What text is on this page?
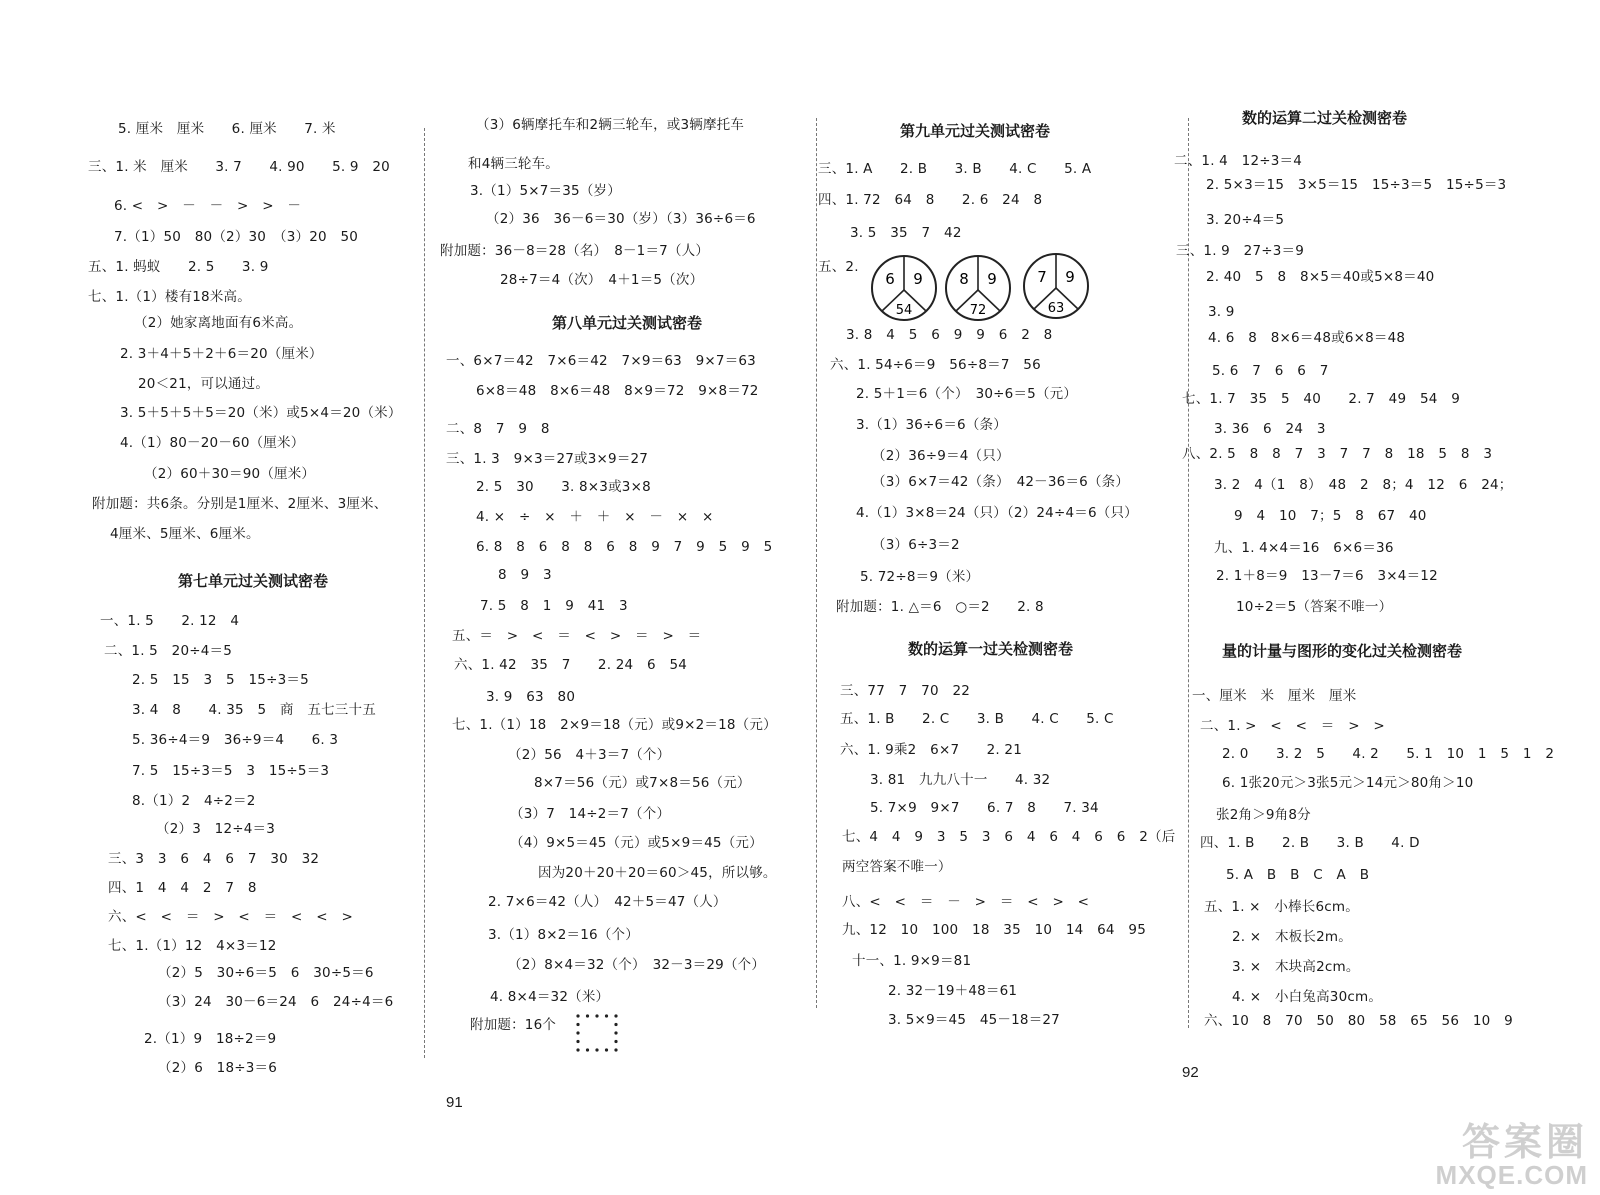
5. 厘米　厘米　　6. 厘米　　7. 米
三、1. 米　厘米　　3. 7　　4. 90　　5. 9　20
6. <　>　－　－　>　>　－
7.（1）50　80（2）30　（3）20　50
五、1. 蚂蚁　　2. 5　　3. 9
七、1.（1）楼有18米高。
（2）她家离地面有6米高。
2. 3＋4＋5＋2＋6＝20（厘米）
20＜21，可以通过。
3. 5＋5＋5＋5＝20（米）或5×4＝20（米）
4.（1）80－20－60（厘米）
（2）60＋30＝90（厘米）
附加题：共6条。分别是1厘米、2厘米、3厘米、
4厘米、5厘米、6厘米。
第七单元过关测试密卷
一、1. 5　　2. 12　4
二、1. 5　20÷4＝5
2. 5　15　3　5　15÷3＝5
3. 4　8　　4. 35　5　商　五七三十五
5. 36÷4＝9　36÷9＝4　　6. 3
7. 5　15÷3＝5　3　15÷5＝3
8.（1）2　4÷2＝2
（2）3　12÷4＝3
三、3　3　6　4　6　7　30　32
四、1　4　4　2　7　8
六、<　<　＝　>　<　＝　<　<　>
七、1.（1）12　4×3＝12
（2）5　30÷6＝5　6　30÷5＝6
（3）24　30－6＝24　6　24÷4＝6
2.（1）9　18÷2＝9
（2）6　18÷3＝6
（3）6辆摩托车和2辆三轮车，或3辆摩托车
和4辆三轮车。
3.（1）5×7＝35（岁）
（2）36　36－6＝30（岁）（3）36÷6＝6
附加题：36－8＝28（名）　8－1＝7（人）
28÷7＝4（次）　4＋1＝5（次）
第八单元过关测试密卷
一、6×7＝42　7×6＝42　7×9＝63　9×7＝63
6×8＝48　8×6＝48　8×9＝72　9×8＝72
二、8　7　9　8
三、1. 3　9×3＝27或3×9＝27
2. 5　30　　3. 8×3或3×8
4. ×　÷　×　＋　＋　×　－　×　×
6. 8　8　6　8　8　6　8　9　7　9　5　9　5
8　9　3
7. 5　8　1　9　41　3
五、＝　>　<　＝　<　>　＝　>　＝
六、1. 42　35　7　　2. 24　6　54
3. 9　63　80
七、1.（1）18　2×9＝18（元）或9×2＝18（元）
（2）56　4＋3＝7（个）
8×7＝56（元）或7×8＝56（元）
（3）7　14÷2＝7（个）
（4）9×5＝45（元）或5×9＝45（元）
因为20＋20＋20＝60＞45，所以够。
2. 7×6＝42（人）　42＋5＝47（人）
3.（1）8×2＝16（个）
（2）8×4＝32（个）　32－3＝29（个）
4. 8×4＝32（米）
附加题：16个
第九单元过关测试密卷
三、1. A　　2. B　　3. B　　4. C　　5. A
四、1. 72　64　8　　2. 6　24　8
3. 5　35　7　42
五、2.
3. 8　4　5　6　9　9　6　2　8
六、1. 54÷6＝9　56÷8＝7　56
2. 5＋1＝6（个）　30÷6＝5（元）
3.（1）36÷6＝6（条）
（2）36÷9＝4（只）
（3）6×7＝42（条）　42－36＝6（条）
4.（1）3×8＝24（只）（2）24÷4＝6（只）
（3）6÷3＝2
5. 72÷8＝9（米）
附加题：1. △＝6　○＝2　　2. 8
数的运算一过关检测密卷
三、77　7　70　22
五、1. B　　2. C　　3. B　　4. C　　5. C
六、1. 9乘2　6×7　　2. 21
3. 81　九九八十一　　4. 32
5. 7×9　9×7　　6. 7　8　　7. 34
七、4　4　9　3　5　3　6　4　6　4　6　6　2（后
两空答案不唯一）
八、<　<　＝　－　>　＝　<　>　<
九、12　10　100　18　35　10　14　64　95
十一、1. 9×9＝81
2. 32－19＋48＝61
3. 5×9＝45　45－18＝27
数的运算二过关检测密卷
二、1. 4　12÷3＝4
2. 5×3＝15　3×5＝15　15÷3＝5　15÷5＝3
3. 20÷4＝5
三、1. 9　27÷3＝9
2. 40　5　8　8×5＝40或5×8＝40
3. 9
4. 6　8　8×6＝48或6×8＝48
5. 6　7　6　6　7
七、1. 7　35　5　40　　2. 7　49　54　9
3. 36　6　24　3
八、2. 5　8　8　7　3　7　7　8　18　5　8　3
3. 2　4（1　8）　48　2　8；4　12　6　24；
9　4　10　7；5　8　67　40
九、1. 4×4＝16　6×6＝36
2. 1＋8＝9　13－7＝6　3×4＝12
10÷2＝5（答案不唯一）
量的计量与图形的变化过关检测密卷
一、厘米　米　厘米　厘米
二、1. >　<　<　＝　>　>
2. 0　　3. 2　5　　4. 2　　5. 1　10　1　5　1　2
6. 1张20元＞3张5元＞14元＞80角＞10
张2角＞9角8分
四、1. B　　2. B　　3. B　　4. D
5. A　B　B　C　A　B
五、1. ×　小棒长6cm。
2. ×　木板长2m。
3. ×　木块高2cm。
4. ×　小白兔高30cm。
六、10　8　70　50　80　58　65　56　10　9
91
92
6 9
54
8 9
72
7 9
63
答案圈
MXQE.COM
